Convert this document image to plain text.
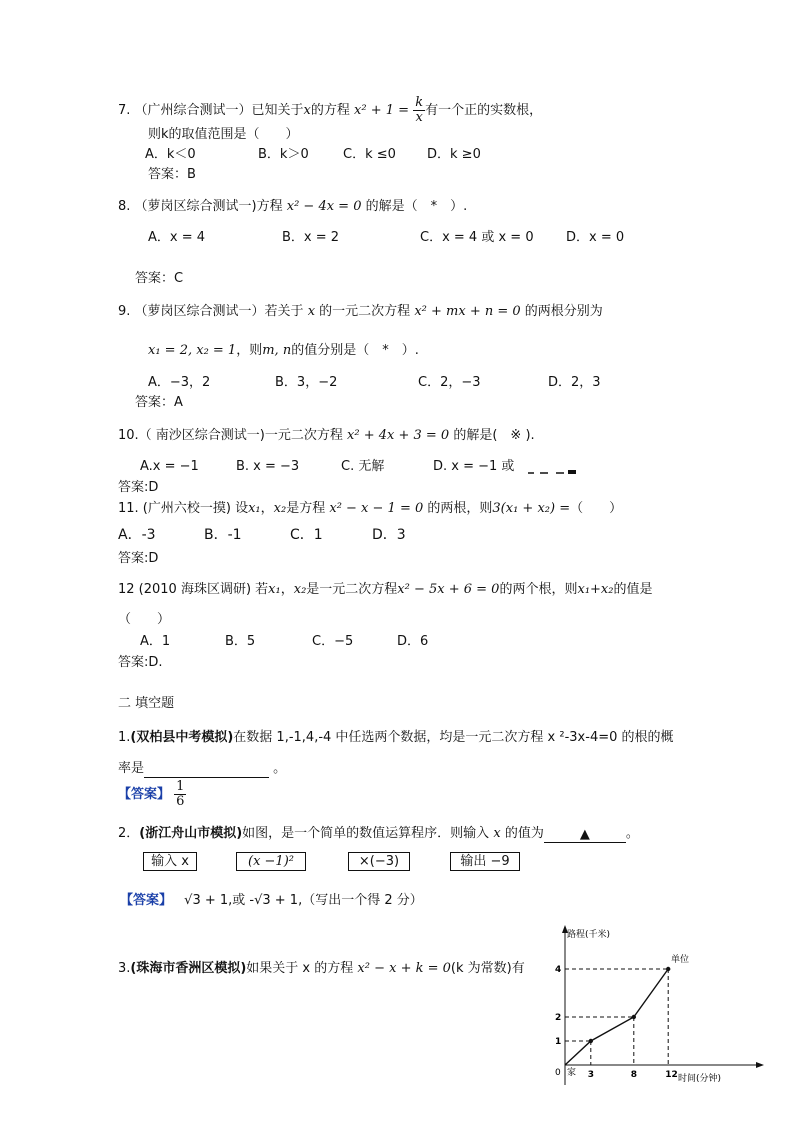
7. （广州综合测试一）已知关于x的方程 $x^2 + 1 = \frac{k}{x}$ 有一个正的实数根，
则k的取值范围是（　　）
A．k＜0	B．k＞0	C．k ≤0 D．k ≥0
答案：B
8. （萝岗区综合测试一)方程 x² − 4x = 0 的解是（　*　）.
A．x = 4	B．x = 2	C．x = 4 或 x = 0 D．x = 0
答案：C
9. （萝岗区综合测试一）若关于 x 的一元二次方程 x² + mx + n = 0 的两根分别为
x₁ = 2, x₂ = 1，则m, n的值分别是（　*　）.
A．−3，2	B．3，−2	C．2，−3	D．2，3
答案：A
10.（ 南沙区综合测试一)一元二次方程 x² + 4x + 3 = 0 的解是(　※ ).
A.x = −1	B. x = −3	C. 无解	D. x = −1 或
答案:D
11. (广州六校一摸) 设x₁，x₂是方程 x² − x − 1 = 0 的两根，则3(x₁ + x₂) =（　　）
A．-3	B．-1	C．1	D．3
答案:D
12 (2010 海珠区调研) 若x₁，x₂是一元二次方程x² − 5x + 6 = 0的两个根，则x₁+x₂的值是
（　　）
A．1	B．5	C．−5	D．6
答案:D.
二 填空题
1.(双柏县中考模拟)在数据 1,-1,4,-4 中任选两个数据，均是一元二次方程 x ²-3x-4=0 的根的概
率是	。
【答案】 $\frac{1}{6}$
2．(浙江舟山市模拟)如图，是一个简单的数值运算程序．则输入 x 的值为	▲	。
输入 x	(x −1)²	×(−3)	输出 −9
【答案】 √3 + 1,或 -√3 + 1,（写出一个得 2 分）
3.(珠海市香洲区模拟)如果关于 x 的方程 x² − x + k = 0(k 为常数)有
路程(千米)
时间(分钟)
0 家
单位
3	8	12
1
2
4
